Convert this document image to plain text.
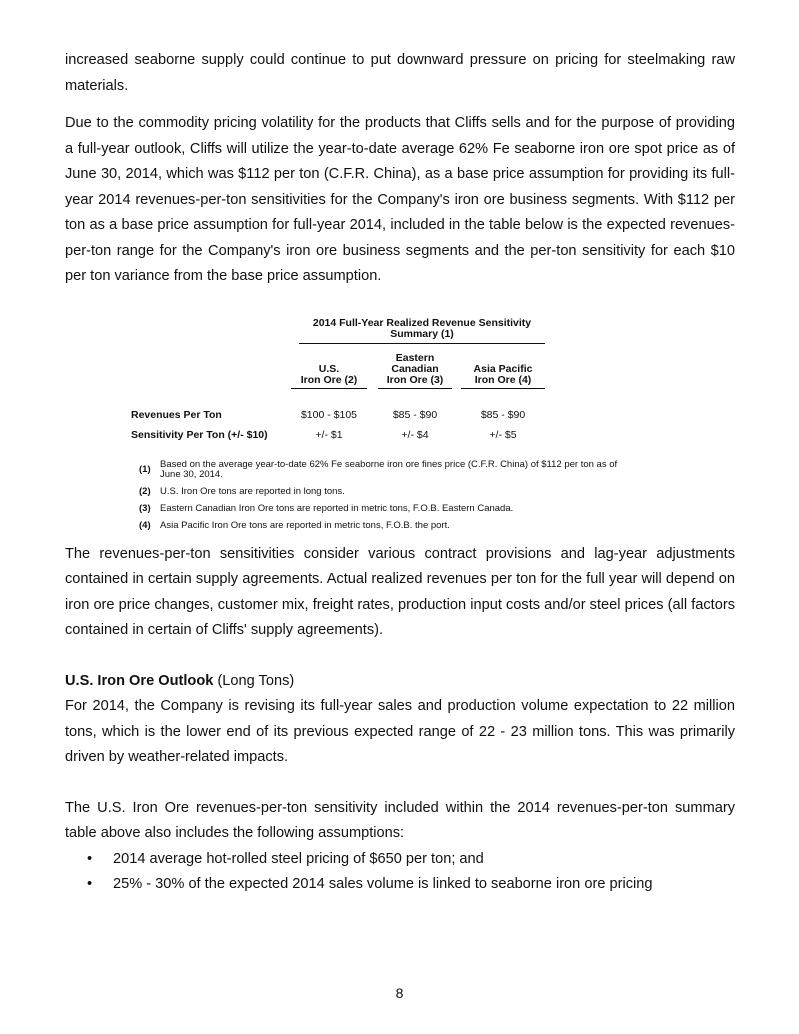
increased seaborne supply could continue to put downward pressure on pricing for steelmaking raw materials.

Due to the commodity pricing volatility for the products that Cliffs sells and for the purpose of providing a full-year outlook, Cliffs will utilize the year-to-date average 62% Fe seaborne iron ore spot price as of June 30, 2014, which was $112 per ton (C.F.R. China), as a base price assumption for providing its full-year 2014 revenues-per-ton sensitivities for the Company's iron ore business segments. With $112 per ton as a base price assumption for full-year 2014, included in the table below is the expected revenues-per-ton range for the Company's iron ore business segments and the per-ton sensitivity for each $10 per ton variance from the base price assumption.

2014 Full-Year Realized Revenue Sensitivity
Summary (1)
U.S.
Iron Ore (2)
Eastern
Canadian
Iron Ore (3)
Asia Pacific
Iron Ore (4)
Revenues Per Ton	$100 - $105	$85 - $90	$85 - $90
Sensitivity Per Ton (+/- $10)	+/- $1	+/- $4	+/- $5
(1) Based on the average year-to-date 62% Fe seaborne iron ore fines price (C.F.R. China) of $112 per ton as of
June 30, 2014.
(2) U.S. Iron Ore tons are reported in long tons.
(3) Eastern Canadian Iron Ore tons are reported in metric tons, F.O.B. Eastern Canada.
(4) Asia Pacific Iron Ore tons are reported in metric tons, F.O.B. the port.

The revenues-per-ton sensitivities consider various contract provisions and lag-year adjustments contained in certain supply agreements. Actual realized revenues per ton for the full year will depend on iron ore price changes, customer mix, freight rates, production input costs and/or steel prices (all factors contained in certain of Cliffs' supply agreements).

U.S. Iron Ore Outlook (Long Tons)

For 2014, the Company is revising its full-year sales and production volume expectation to 22 million tons, which is the lower end of its previous expected range of 22 - 23 million tons. This was primarily driven by weather-related impacts.

The U.S. Iron Ore revenues-per-ton sensitivity included within the 2014 revenues-per-ton summary table above also includes the following assumptions:

• 2014 average hot-rolled steel pricing of $650 per ton; and
• 25% - 30% of the expected 2014 sales volume is linked to seaborne iron ore pricing
8
